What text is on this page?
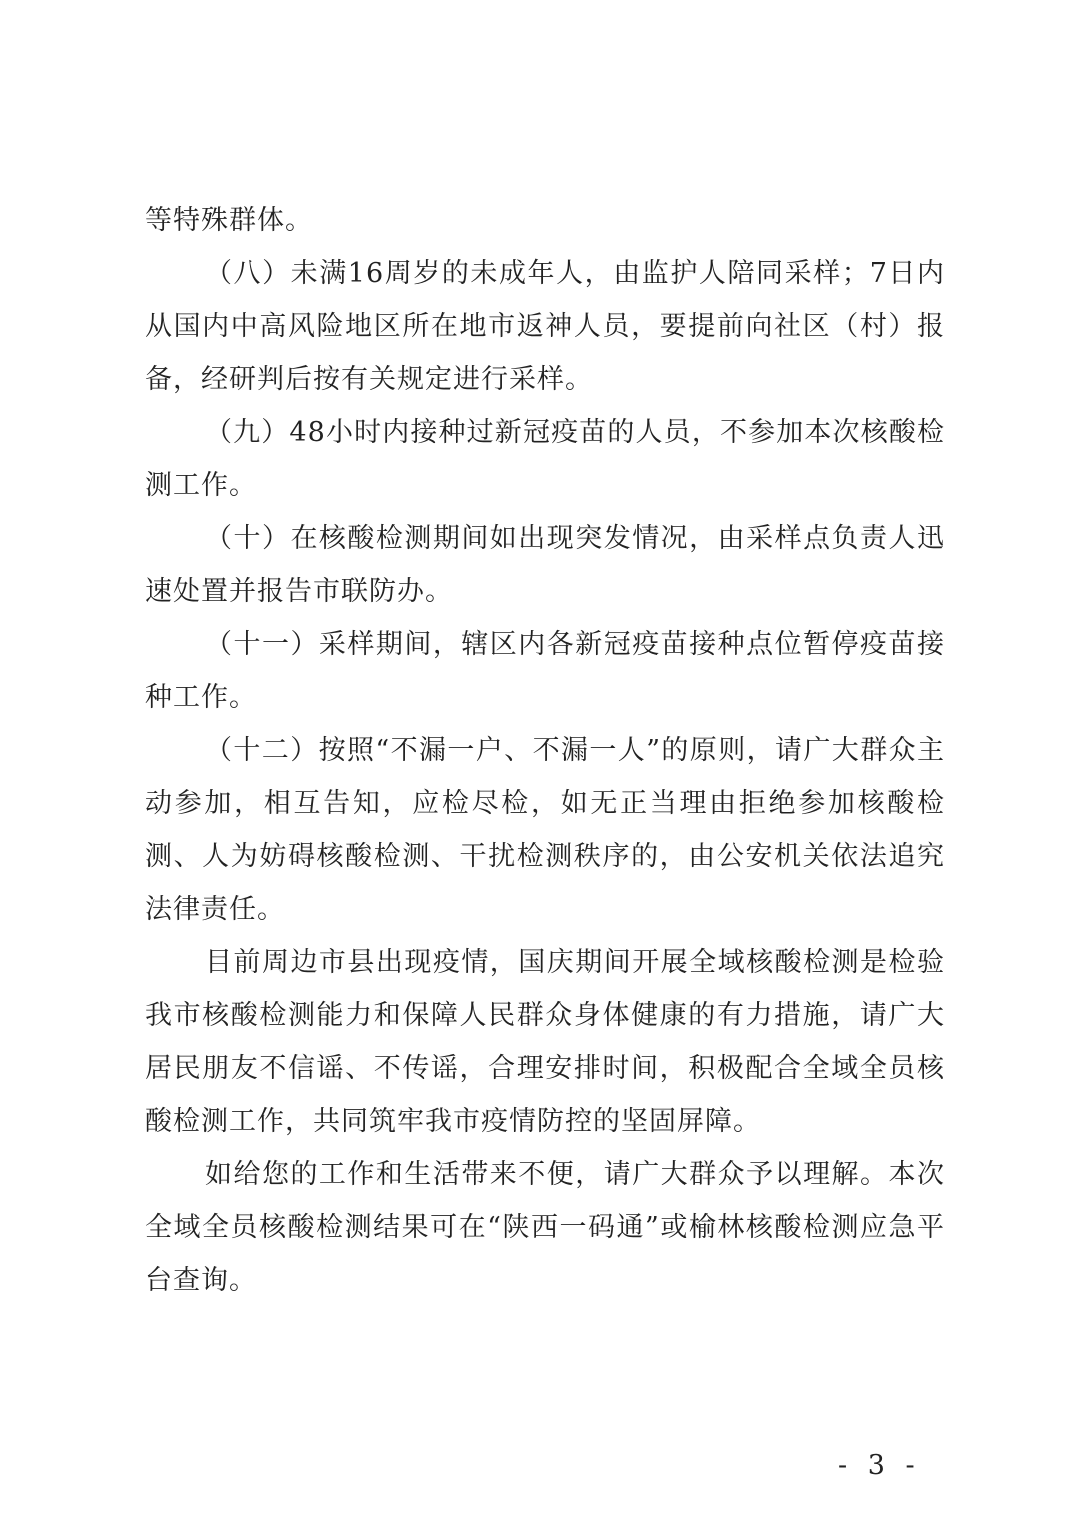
等特殊群体。

（八）未满16周岁的未成年人，由监护人陪同采样；7日内从国内中高风险地区所在地市返神人员，要提前向社区（村）报备，经研判后按有关规定进行采样。

（九）48小时内接种过新冠疫苗的人员，不参加本次核酸检测工作。

（十）在核酸检测期间如出现突发情况，由采样点负责人迅速处置并报告市联防办。

（十一）采样期间，辖区内各新冠疫苗接种点位暂停疫苗接种工作。

（十二）按照“不漏一户、不漏一人”的原则，请广大群众主动参加，相互告知，应检尽检，如无正当理由拒绝参加核酸检测、人为妨碍核酸检测、干扰检测秩序的，由公安机关依法追究法律责任。

目前周边市县出现疫情，国庆期间开展全域核酸检测是检验我市核酸检测能力和保障人民群众身体健康的有力措施，请广大居民朋友不信谣、不传谣，合理安排时间，积极配合全域全员核酸检测工作，共同筑牢我市疫情防控的坚固屏障。

如给您的工作和生活带来不便，请广大群众予以理解。本次全域全员核酸检测结果可在“陕西一码通”或榆林核酸检测应急平台查询。

- 3 -
